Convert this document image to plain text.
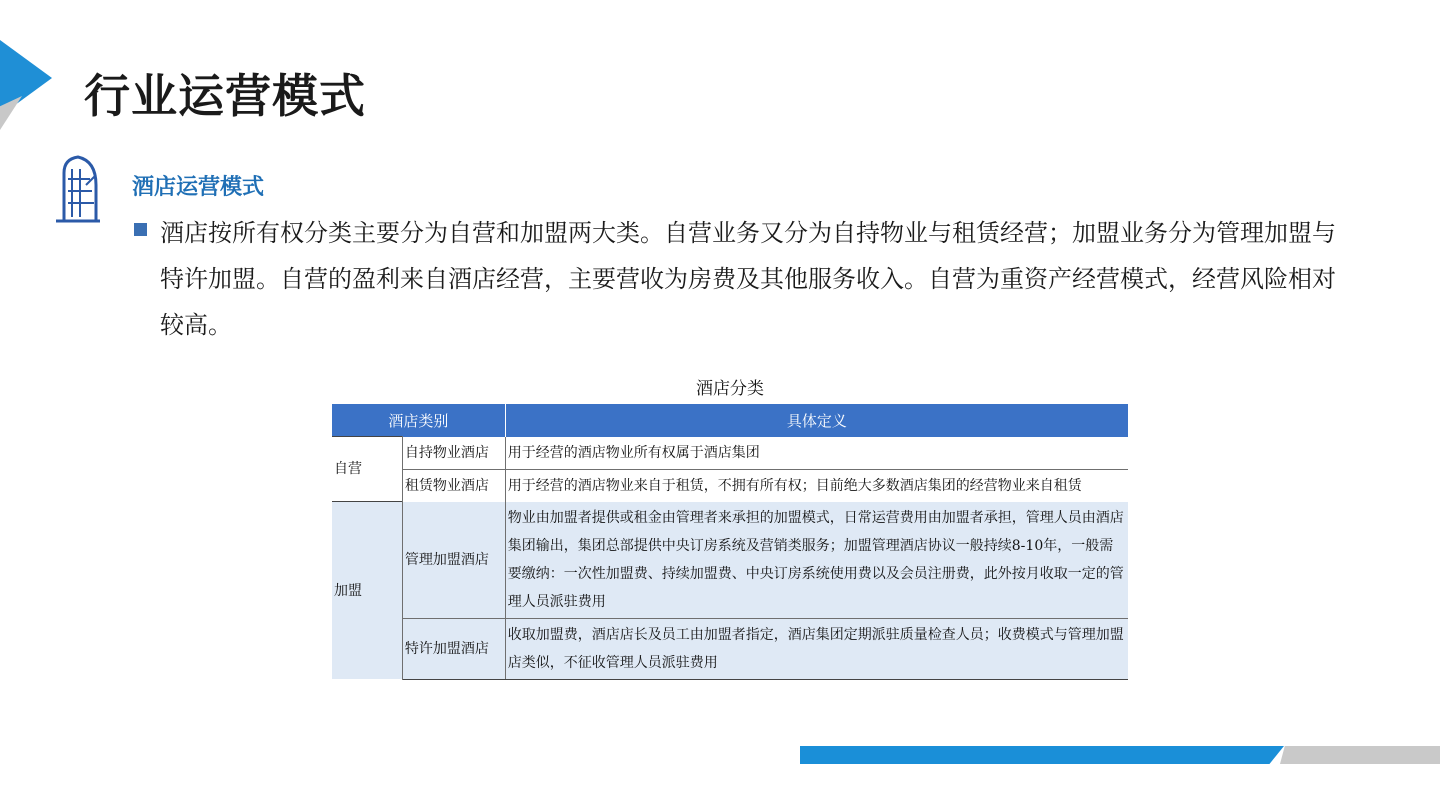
行业运营模式
酒店运营模式
酒店按所有权分类主要分为自营和加盟两大类。自营业务又分为自持物业与租赁经营；加盟业务分为管理加盟与特许加盟。自营的盈利来自酒店经营，主要营收为房费及其他服务收入。自营为重资产经营模式，经营风险相对较高。
酒店分类
酒店类别		具体定义
自营	自持物业酒店	用于经营的酒店物业所有权属于酒店集团
	租赁物业酒店	用于经营的酒店物业来自于租赁，不拥有所有权；目前绝大多数酒店集团的经营物业来自租赁
加盟	管理加盟酒店	物业由加盟者提供或租金由管理者来承担的加盟模式，日常运营费用由加盟者承担，管理人员由酒店集团输出，集团总部提供中央订房系统及营销类服务；加盟管理酒店协议一般持续8-10年，一般需要缴纳：一次性加盟费、持续加盟费、中央订房系统使用费以及会员注册费，此外按月收取一定的管理人员派驻费用
	特许加盟酒店	收取加盟费，酒店店长及员工由加盟者指定，酒店集团定期派驻质量检查人员；收费模式与管理加盟店类似，不征收管理人员派驻费用
